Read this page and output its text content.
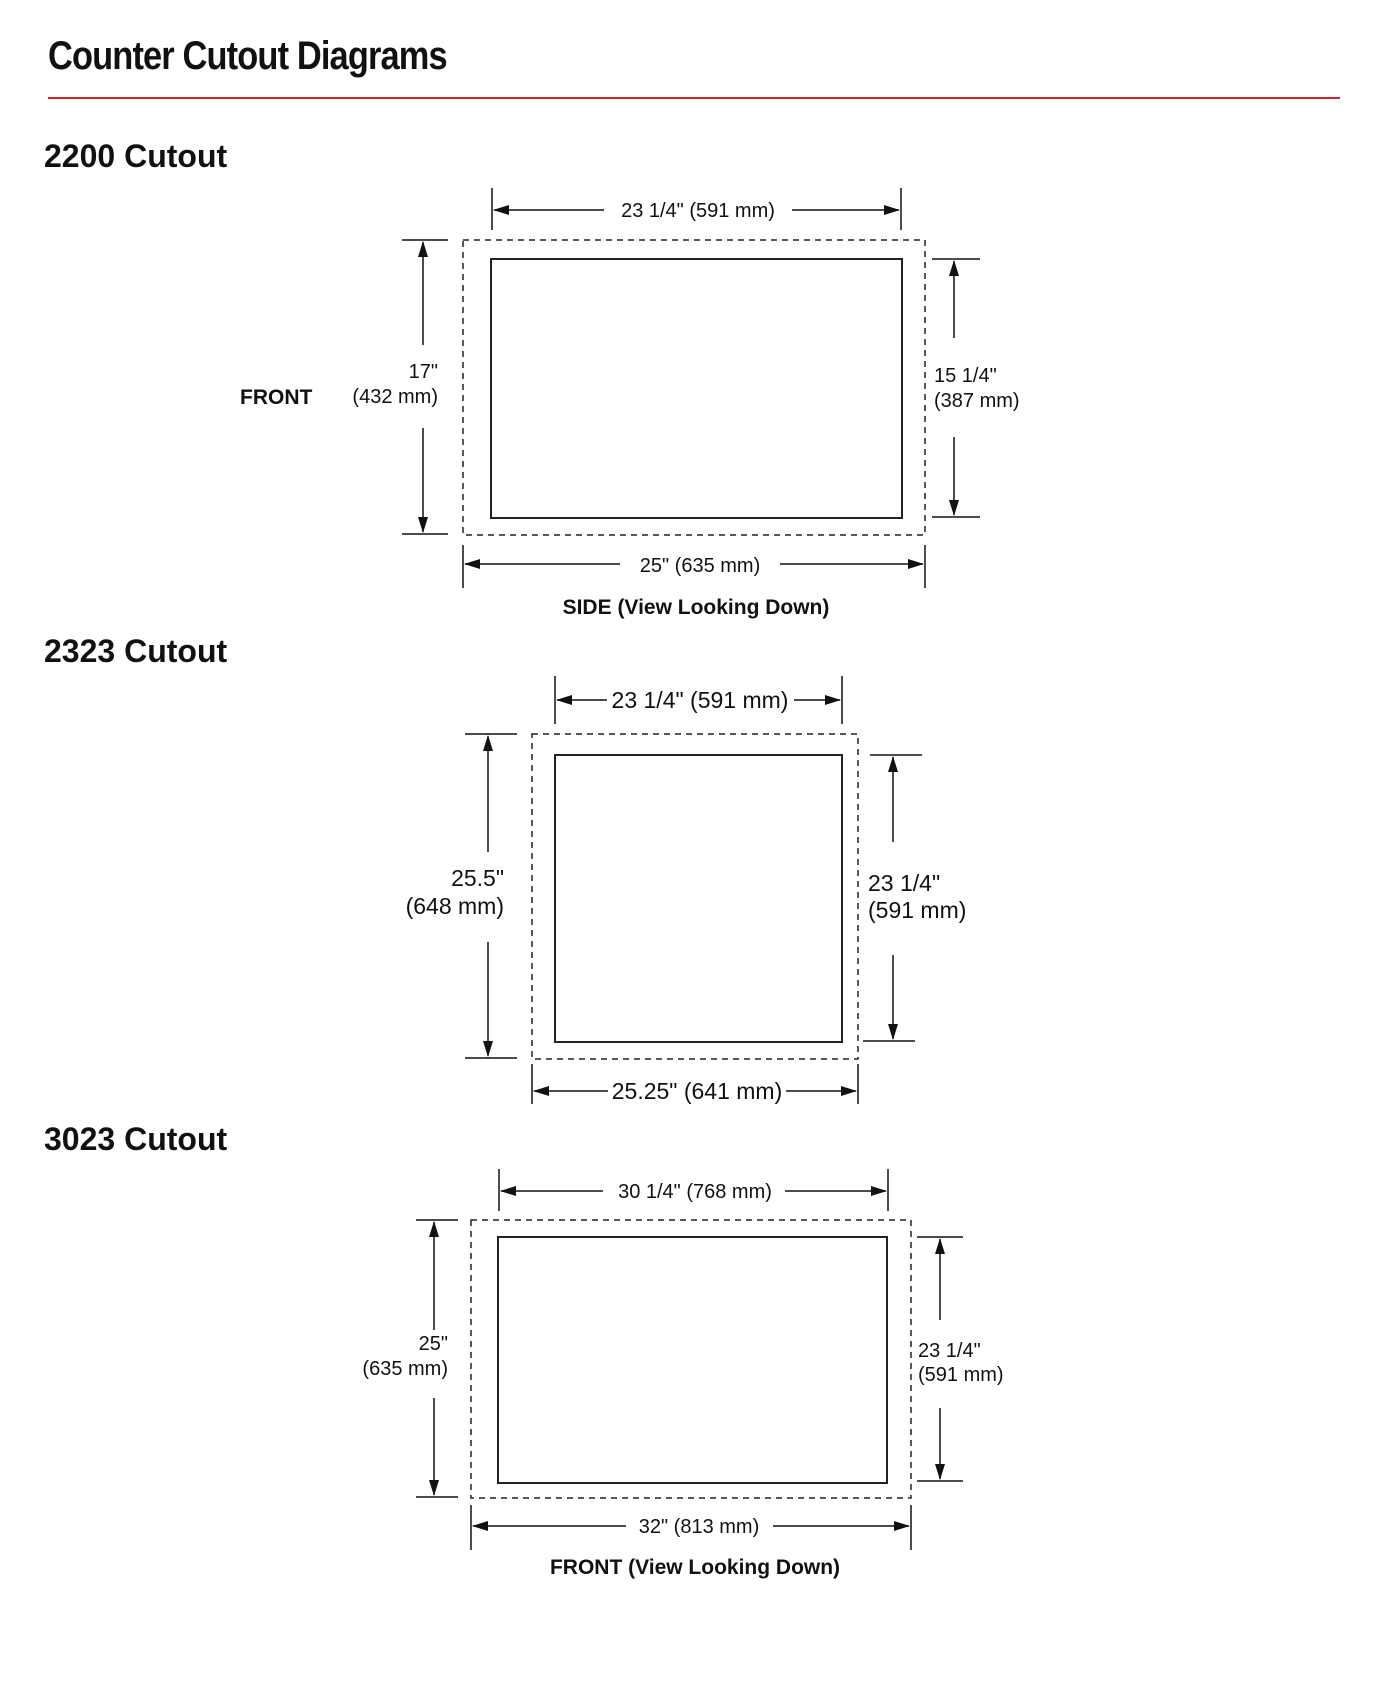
Counter Cutout Diagrams
2200 Cutout
23 1/4" (591 mm)
17"
(432 mm)
FRONT
15 1/4"
(387 mm)
25" (635 mm)
SIDE (View Looking Down)
2323 Cutout
23 1/4" (591 mm)
25.5"
(648 mm)
23 1/4"
(591 mm)
25.25" (641 mm)
3023 Cutout
30 1/4" (768 mm)
25"
(635 mm)
23 1/4"
(591 mm)
32" (813 mm)
FRONT (View Looking Down)
